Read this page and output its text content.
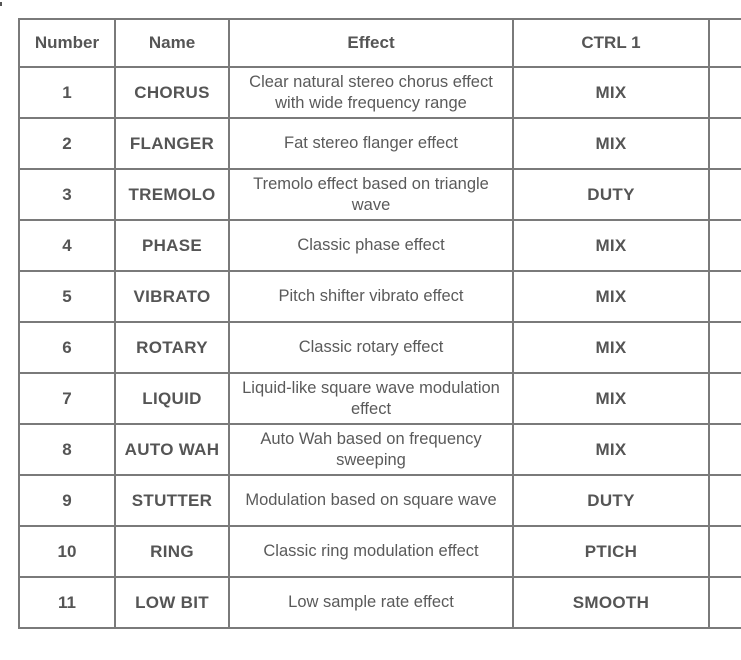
Number	Name	Effect	CTRL 1	
1	CHORUS	Clear natural stereo chorus effect with wide frequency range	MIX	
2	FLANGER	Fat stereo flanger effect	MIX	
3	TREMOLO	Tremolo effect based on triangle wave	DUTY	
4	PHASE	Classic phase effect	MIX	
5	VIBRATO	Pitch shifter vibrato effect	MIX	
6	ROTARY	Classic rotary effect	MIX	
7	LIQUID	Liquid-like square wave modulation effect	MIX	
8	AUTO WAH	Auto Wah based on frequency sweeping	MIX	
9	STUTTER	Modulation based on square wave	DUTY	
10	RING	Classic ring modulation effect	PTICH	
11	LOW BIT	Low sample rate effect	SMOOTH	
